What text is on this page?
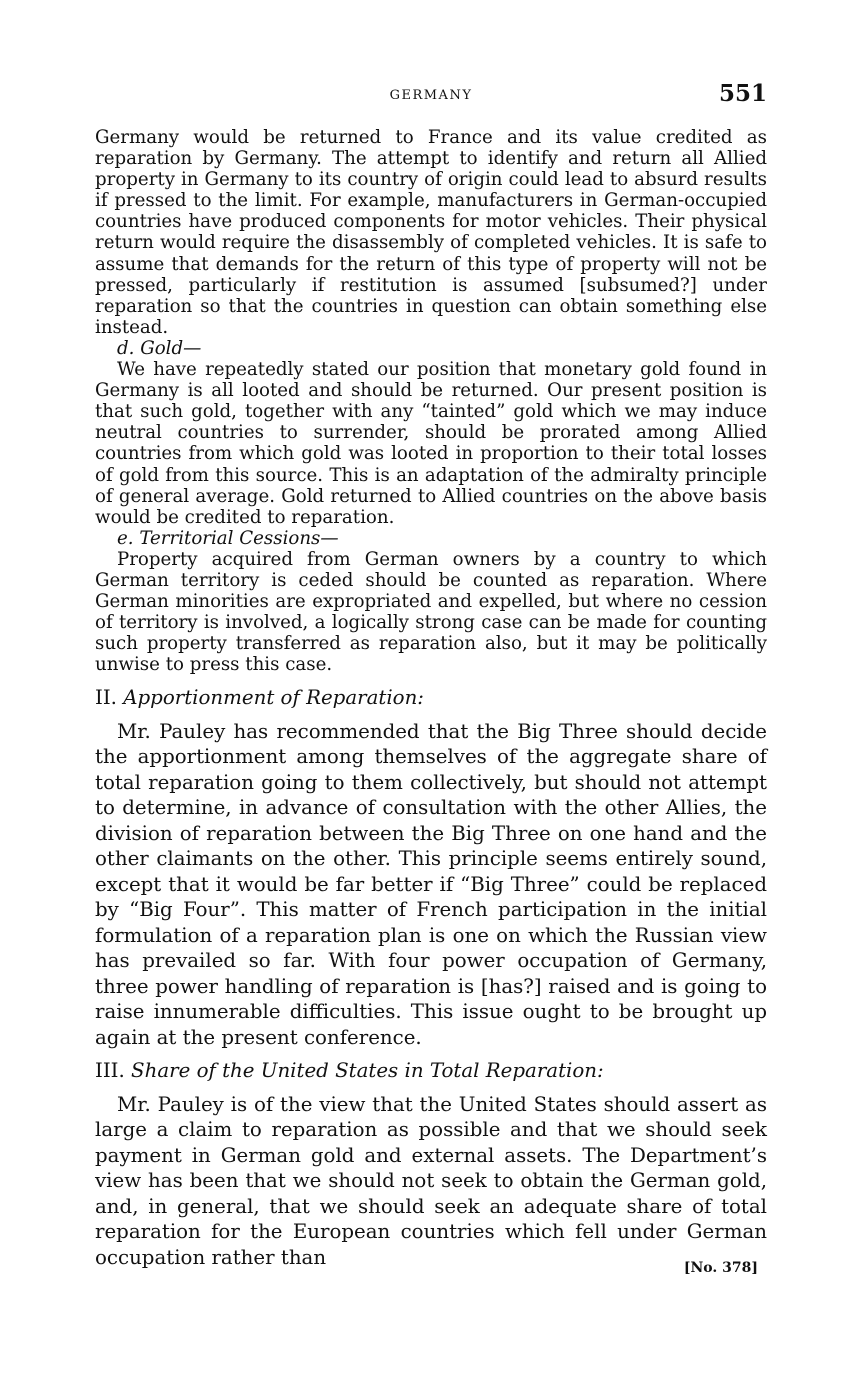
GERMANY	551

Germany would be returned to France and its value credited as reparation by Germany. The attempt to identify and return all Allied property in Germany to its country of origin could lead to absurd results if pressed to the limit. For example, manufacturers in German-occupied countries have produced components for motor vehicles. Their physical return would require the disassembly of completed vehicles. It is safe to assume that demands for the return of this type of property will not be pressed, particularly if restitution is assumed [subsumed?] under reparation so that the countries in question can obtain something else instead.

d. Gold—

We have repeatedly stated our position that monetary gold found in Germany is all looted and should be returned. Our present position is that such gold, together with any “tainted” gold which we may induce neutral countries to surrender, should be prorated among Allied countries from which gold was looted in proportion to their total losses of gold from this source. This is an adaptation of the admiralty principle of general average. Gold returned to Allied countries on the above basis would be credited to reparation.

e. Territorial Cessions—

Property acquired from German owners by a country to which German territory is ceded should be counted as reparation. Where German minorities are expropriated and expelled, but where no cession of territory is involved, a logically strong case can be made for counting such property transferred as reparation also, but it may be politically unwise to press this case.

II. Apportionment of Reparation:

Mr. Pauley has recommended that the Big Three should decide the apportionment among themselves of the aggregate share of total reparation going to them collectively, but should not attempt to determine, in advance of consultation with the other Allies, the division of reparation between the Big Three on one hand and the other claimants on the other. This principle seems entirely sound, except that it would be far better if “Big Three” could be replaced by “Big Four”. This matter of French participation in the initial formulation of a reparation plan is one on which the Russian view has prevailed so far. With four power occupation of Germany, three power handling of reparation is [has?] raised and is going to raise innumerable difficulties. This issue ought to be brought up again at the present conference.

III. Share of the United States in Total Reparation:

Mr. Pauley is of the view that the United States should assert as large a claim to reparation as possible and that we should seek payment in German gold and external assets. The Department’s view has been that we should not seek to obtain the German gold, and, in general, that we should seek an adequate share of total reparation for the European countries which fell under German occupation rather than	[No. 378]
